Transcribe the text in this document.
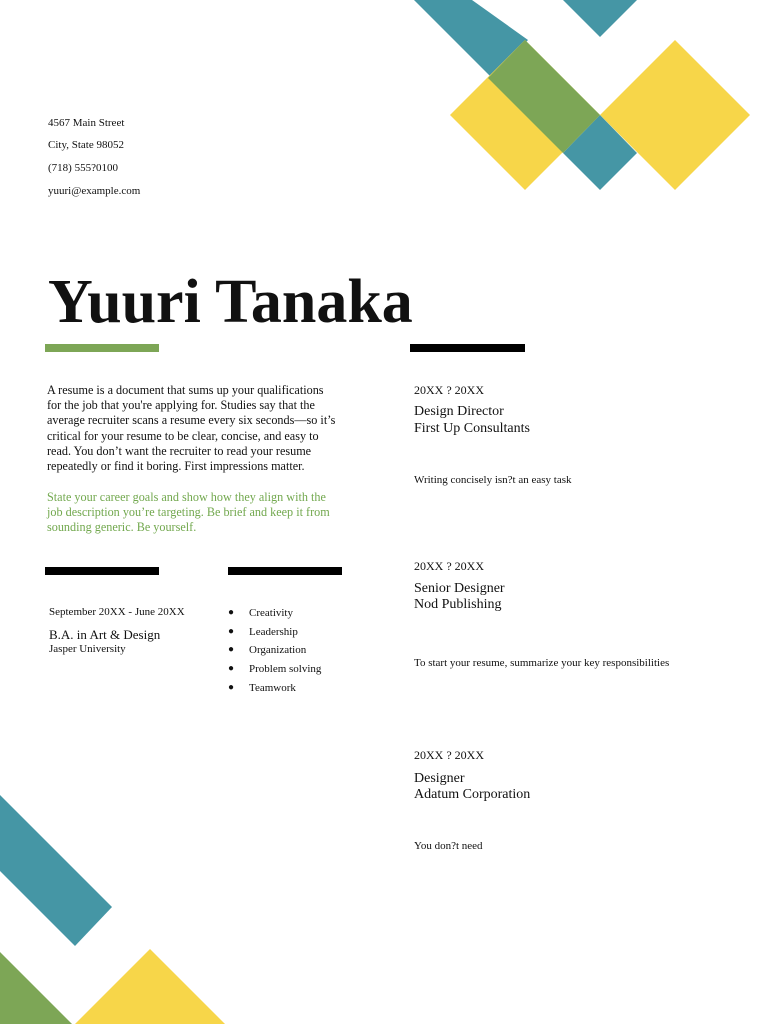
4567 Main Street
City, State 98052
(718) 555?0100
yuuri@example.com
Yuuri Tanaka
A resume is a document that sums up your qualifications for the job that you're applying for. Studies say that the average recruiter scans a resume every six seconds—so it’s critical for your resume to be clear, concise, and easy to read. You don’t want the recruiter to read your resume repeatedly or find it boring. First impressions matter.
State your career goals and show how they align with the job description you’re targeting. Be brief and keep it from sounding generic. Be yourself.
September 20XX - June 20XX
B.A. in Art & Design
Jasper University
● Creativity
● Leadership
● Organization
● Problem solving
● Teamwork
20XX ? 20XX
Design Director
First Up Consultants
Writing concisely isn?t an easy task
20XX ? 20XX
Senior Designer
Nod Publishing
To start your resume, summarize your key responsibilities
20XX ? 20XX
Designer
Adatum Corporation
You don?t need
